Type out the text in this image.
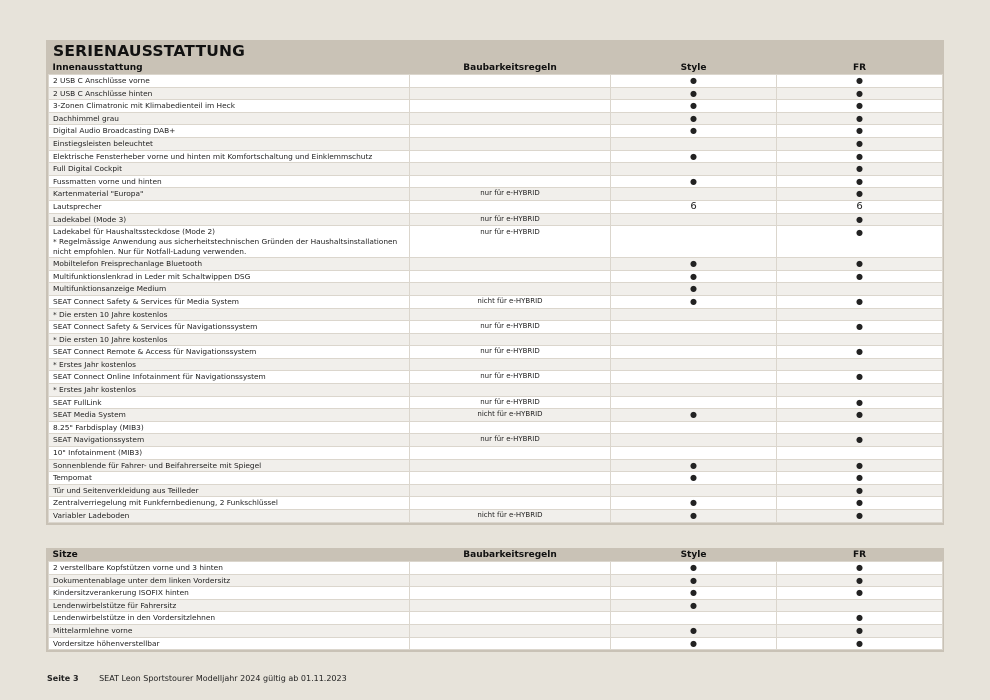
SERIENAUSSTATTUNG
Innenausstattung	Baubarkeitsregeln	Style	FR
2 USB C Anschlüsse vorne		●	●
2 USB C Anschlüsse hinten		●	●
3-Zonen Climatronic mit Klimabedienteil im Heck		●	●
Dachhimmel grau		●	●
Digital Audio Broadcasting DAB+		●	●
Einstiegsleisten beleuchtet			●
Elektrische Fensterheber vorne und hinten mit Komfortschaltung und Einklemmschutz		●	●
Full Digital Cockpit			●
Fussmatten vorne und hinten		●	●
Kartenmaterial "Europa"	nur für e-HYBRID		●
Lautsprecher		6	6
Ladekabel (Mode 3)	nur für e-HYBRID		●
Ladekabel für Haushaltssteckdose (Mode 2)
* Regelmässige Anwendung aus sicherheitstechnischen Gründen der Haushaltsinstallationen nicht empfohlen. Nur für Notfall-Ladung verwenden.	nur für e-HYBRID		●
Mobiltelefon Freisprechanlage Bluetooth		●	●
Multifunktionslenkrad in Leder mit Schaltwippen DSG		●	●
Multifunktionsanzeige Medium		●	
SEAT Connect Safety & Services für Media System	nicht für e-HYBRID	●	●
* Die ersten 10 Jahre kostenlos			
SEAT Connect Safety & Services für Navigationssystem	nur für e-HYBRID		●
* Die ersten 10 Jahre kostenlos			
SEAT Connect Remote & Access für Navigationssystem	nur für e-HYBRID		●
* Erstes Jahr kostenlos			
SEAT Connect Online Infotainment für Navigationssystem	nur für e-HYBRID		●
* Erstes Jahr kostenlos			
SEAT FullLink	nur für e-HYBRID		●
SEAT Media System	nicht für e-HYBRID	●	●
8.25" Farbdisplay (MIB3)			
SEAT Navigationssystem	nur für e-HYBRID		●
10" Infotainment (MIB3)			
Sonnenblende für Fahrer- und Beifahrerseite mit Spiegel		●	●
Tempomat		●	●
Tür und Seitenverkleidung aus Teilleder			●
Zentralverriegelung mit Funkfernbedienung, 2 Funkschlüssel		●	●
Variabler Ladeboden	nicht für e-HYBRID	●	●
Sitze	Baubarkeitsregeln	Style	FR
2 verstellbare Kopfstützen vorne und 3 hinten		●	●
Dokumentenablage unter dem linken Vordersitz		●	●
Kindersitzverankerung ISOFIX hinten		●	●
Lendenwirbelstütze für Fahrersitz		●	
Lendenwirbelstütze in den Vordersitzlehnen			●
Mittelarmlehne vorne		●	●
Vordersitze höhenverstellbar		●	●
Seite 3	SEAT Leon Sportstourer Modelljahr 2024 gültig ab 01.11.2023
